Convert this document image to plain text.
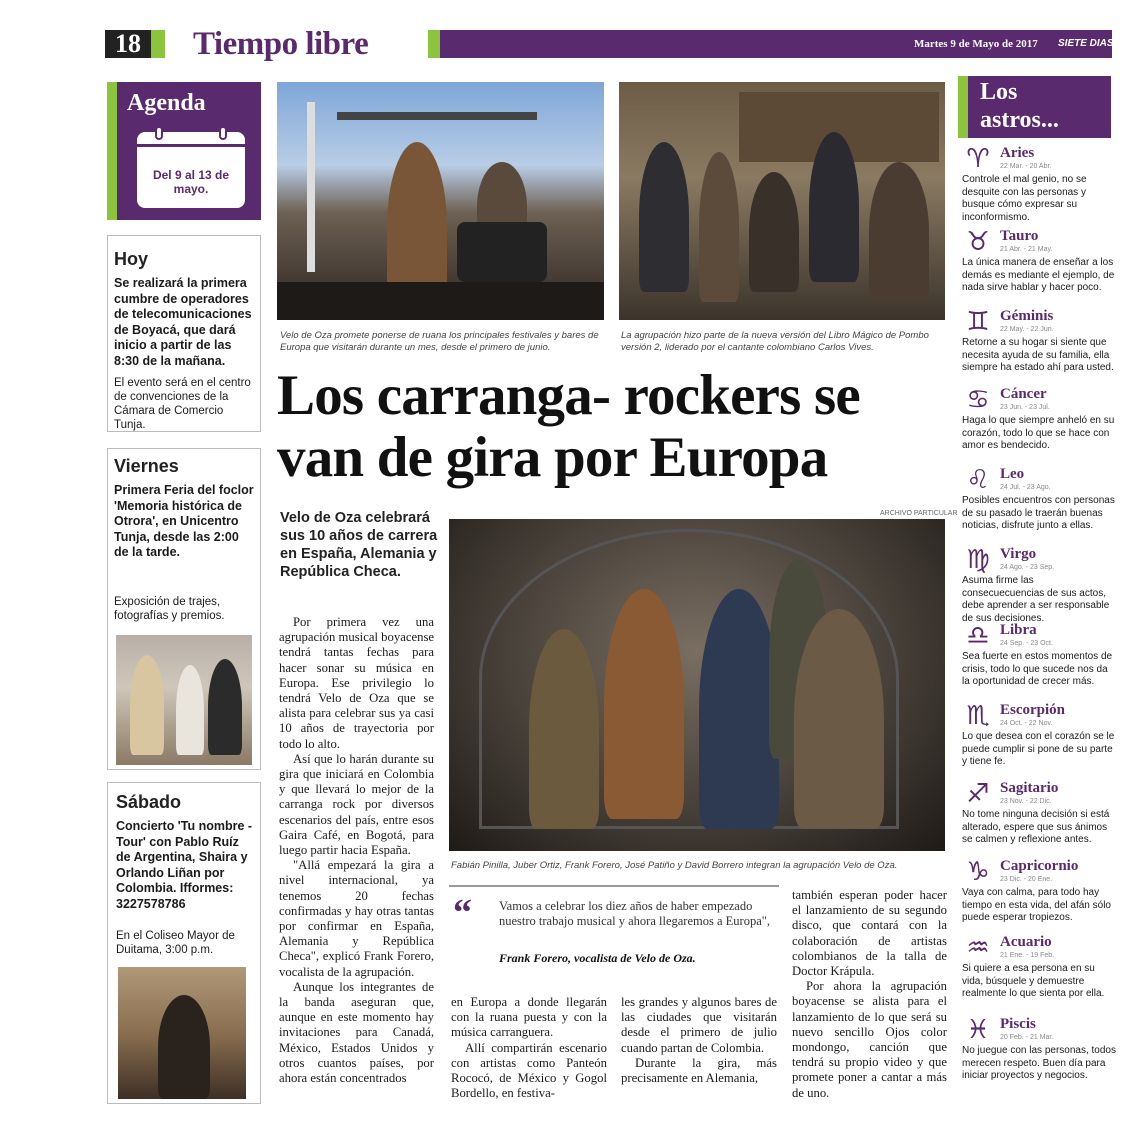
18	Tiempo libre	Martes 9 de Mayo de 2017 SIETE DIAS
Agenda
Del 9 al 13 de mayo.
Hoy
Se realizará la primera cumbre de operadores de telecomunicaciones de Boyacá, que dará inicio a partir de las 8:30 de la mañana.
El evento será en el centro de convenciones de la Cámara de Comercio Tunja.
Viernes
Primera Feria del foclor 'Memoria histórica de Otrora', en Unicentro Tunja, desde las 2:00 de la tarde.
Exposición de trajes, fotografías y premios.
Sábado
Concierto 'Tu nombre - Tour' con Pablo Ruíz de Argentina, Shaira y Orlando Liñan por Colombia. Ifformes: 3227578786
En el Coliseo Mayor de Duitama, 3:00 p.m.
Velo de Oza promete ponerse de ruana los principales festivales y bares de Europa que visitarán durante un mes, desde el primero de junio.
La agrupación hizo parte de la nueva versión del Libro Mágico de Pombo versión 2, liderado por el cantante colombiano Carlos Vives.
Los carranga- rockers se van de gira por Europa
Velo de Oza celebrará sus 10 años de carrera en España, Alemania y República Checa.
ARCHIVO PARTICULAR
Fabián Pinilla, Juber Ortiz, Frank Forero, José Patiño y David Borrero integran la agrupación Velo de Oza.

Por primera vez una agrupación musical boyacense tendrá tantas fechas para hacer sonar su música en Europa. Ese privilegio lo tendrá Velo de Oza que se alista para celebrar sus ya casi 10 años de trayectoria por todo lo alto.

Así que lo harán durante su gira que iniciará en Colombia y que llevará lo mejor de la carranga rock por diversos escenarios del país, entre esos Gaira Café, en Bogotá, para luego partir hacia España.

"Allá empezará la gira a nivel internacional, ya tenemos 20 fechas confirmadas y hay otras tantas por confirmar en España, Alemania y República Checa", explicó Frank Forero, vocalista de la agrupación.

Aunque los integrantes de la banda aseguran que, aunque en este momento hay invitaciones para Canadá, México, Estados Unidos y otros cuantos países, por ahora están concentrados

en Europa a donde llegarán con la ruana puesta y con la música carranguera.

Allí compartirán escenario con artistas como Panteón Rococó, de México y Gogol Bordello, en festiva-

les grandes y algunos bares de las ciudades que visitarán desde el primero de julio cuando partan de Colombia.

Durante la gira, más precisamente en Alemania,

también esperan poder hacer el lanzamiento de su segundo disco, que contará con la colaboración de artistas colombianos de la talla de Doctor Krápula.

Por ahora la agrupación boyacense se alista para el lanzamiento de lo que será su nuevo sencillo Ojos color mondongo, canción que tendrá su propio video y que promete poner a cantar a más de uno.

“ Vamos a celebrar los diez años de haber empezado nuestro trabajo musical y ahora llegaremos a Europa",
Frank Forero, vocalista de Velo de Oza.
Los
astros...
♈ Aries
22 Mar. - 20 Abr.
Controle el mal genio, no se desquite con las personas y busque cómo expresar su inconformismo.
♉ Tauro
21 Abr. - 21 May.
La única manera de enseñar a los demás es mediante el ejemplo, de nada sirve hablar y hacer poco.
♊ Géminis
22 May. - 22 Jun.
Retorne a su hogar si siente que necesita ayuda de su familia, ella siempre ha estado ahí para usted.
♋ Cáncer
23 Jun. - 23 Jul.
Haga lo que siempre anheló en su corazón, todo lo que se hace con amor es bendecido.
♌ Leo
24 Jul. - 23 Ago.
Posibles encuentros con personas de su pasado le traerán buenas noticias, disfrute junto a ellas.
♍ Virgo
24 Ago. - 23 Sep.
Asuma firme las consecuecuencias de sus actos, debe aprender a ser responsable de sus decisiones.
♎ Libra
24 Sep. - 23 Oct.
Sea fuerte en estos momentos de crisis, todo lo que sucede nos da la oportunidad de crecer más.
♏ Escorpión
24 Oct. - 22 Nov.
Lo que desea con el corazón se le puede cumplir si pone de su parte y tiene fe.
♐ Sagitario
23 Nov. - 22 Dic.
No tome ninguna decisión si está alterado, espere que sus ánimos se calmen y reflexione antes.
♑ Capricornio
23 Dic. - 20 Ene.
Vaya con calma, para todo hay tiempo en esta vida, del afán sólo puede esperar tropiezos.
♒ Acuario
21 Ene. - 19 Feb.
Si quiere a esa persona en su vida, búsquele y demuestre realmente lo que sienta por ella.
♓ Piscis
20 Feb. - 21 Mar.
No juegue con las personas, todos merecen respeto. Buen día para iniciar proyectos y negocios.
